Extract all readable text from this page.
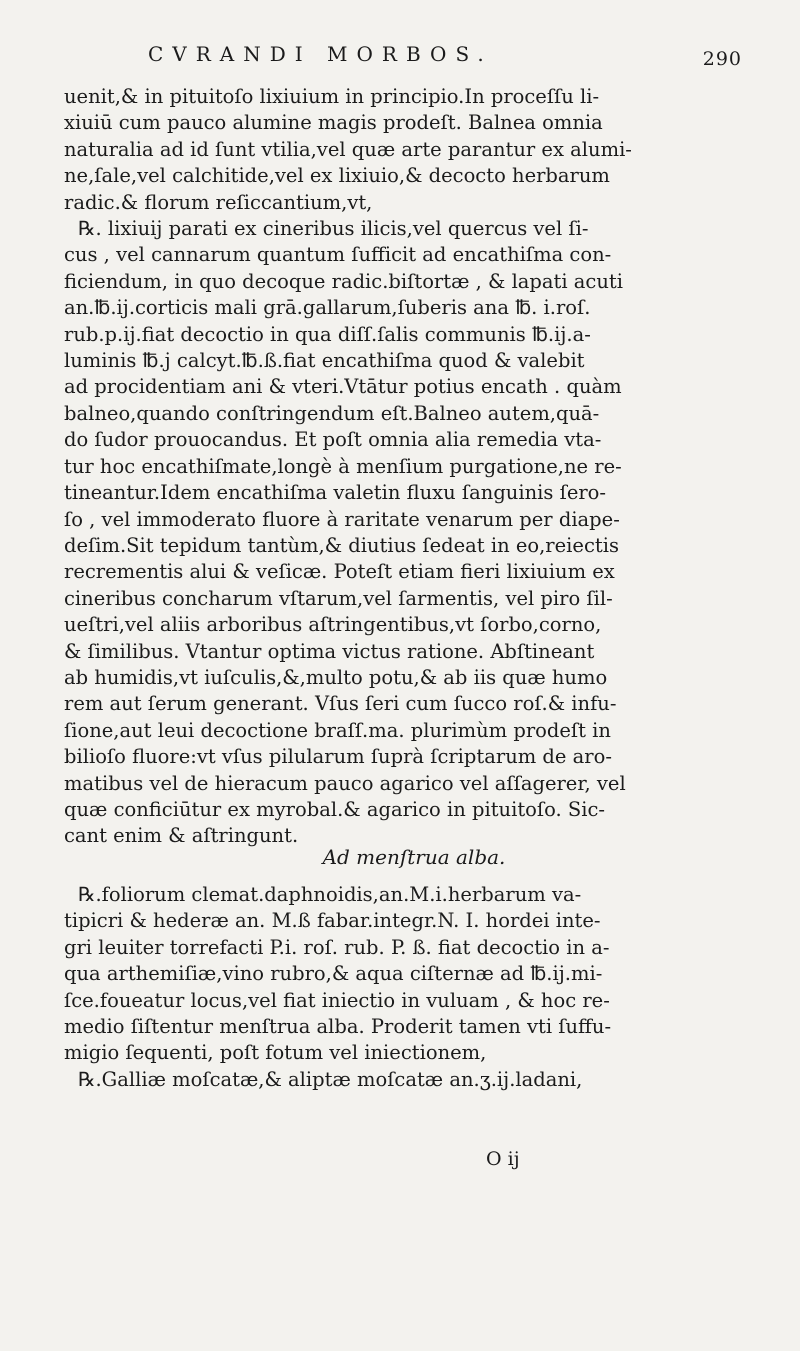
CVRANDI MORBOS.	290
uenit,& in pituitoſo lixiuium in principio.In proceſſu li-
xiuiū cum pauco alumine magis prodeſt. Balnea omnia
naturalia ad id ſunt vtilia,vel quæ arte parantur ex alumi-
ne,ſale,vel calchitide,vel ex lixiuio,& decocto herbarum
radic.& florum reſiccantium,vt,
℞. lixiuij parati ex cineribus ilicis,vel quercus vel ſi-
cus , vel cannarum quantum ſufficit ad encathiſma con-
ficiendum, in quo decoque radic.biſtortæ , & lapati acuti
an.℔.ij.corticis mali grā.gallarum,ſuberis ana ℔. i.roſ.
rub.p.ij.fiat decoctio in qua diſſ.ſalis communis ℔.ij.a-
luminis ℔.j calcyt.℔.ß.fiat encathiſma quod & valebit
ad procidentiam ani & vteri.Vtātur potius encath . quàm
balneo,quando conſtringendum eſt.Balneo autem,quā-
do ſudor prouocandus. Et poſt omnia alia remedia vta-
tur hoc encathiſmate,longè à menſium purgatione,ne re-
tineantur.Idem encathiſma valetin fluxu ſanguinis ſero-
ſo , vel immoderato fluore à raritate venarum per diape-
deſim.Sit tepidum tantùm,& diutius ſedeat in eo,reiectis
recrementis alui & veſicæ. Poteſt etiam fieri lixiuium ex
cineribus concharum vſtarum,vel ſarmentis, vel piro ſil-
ueſtri,vel aliis arboribus aſtringentibus,vt ſorbo,corno,
& ſimilibus. Vtantur optima victus ratione. Abſtineant
ab humidis,vt iuſculis,&,multo potu,& ab iis quæ humo
rem aut ſerum generant. Vſus ſeri cum ſucco roſ.& infu-
ſione,aut leui decoctione braſſ.ma. plurimùm prodeſt in
bilioſo fluore:vt vſus pilularum ſuprà ſcriptarum de aro-
matibus vel de hieracum pauco agarico vel aſſagerer, vel
quæ conficiūtur ex myrobal.& agarico in pituitoſo. Sic-
cant enim & aſtringunt.
Ad menſtrua alba.
℞.foliorum clemat.daphnoidis,an.M.i.herbarum va-
tipicri & hederæ an. M.ß fabar.integr.N. I. hordei inte-
gri leuiter torrefacti P.i. roſ. rub. P. ß. fiat decoctio in a-
qua arthemiſiæ,vino rubro,& aqua ciſternæ ad ℔.ij.mi-
ſce.foueatur locus,vel fiat iniectio in vuluam , & hoc re-
medio ſiſtentur menſtrua alba. Proderit tamen vti ſuffu-
migio ſequenti, poſt fotum vel iniectionem,
℞.Galliæ moſcatæ,& aliptæ moſcatæ an.ʒ.ij.ladani,
O ij
